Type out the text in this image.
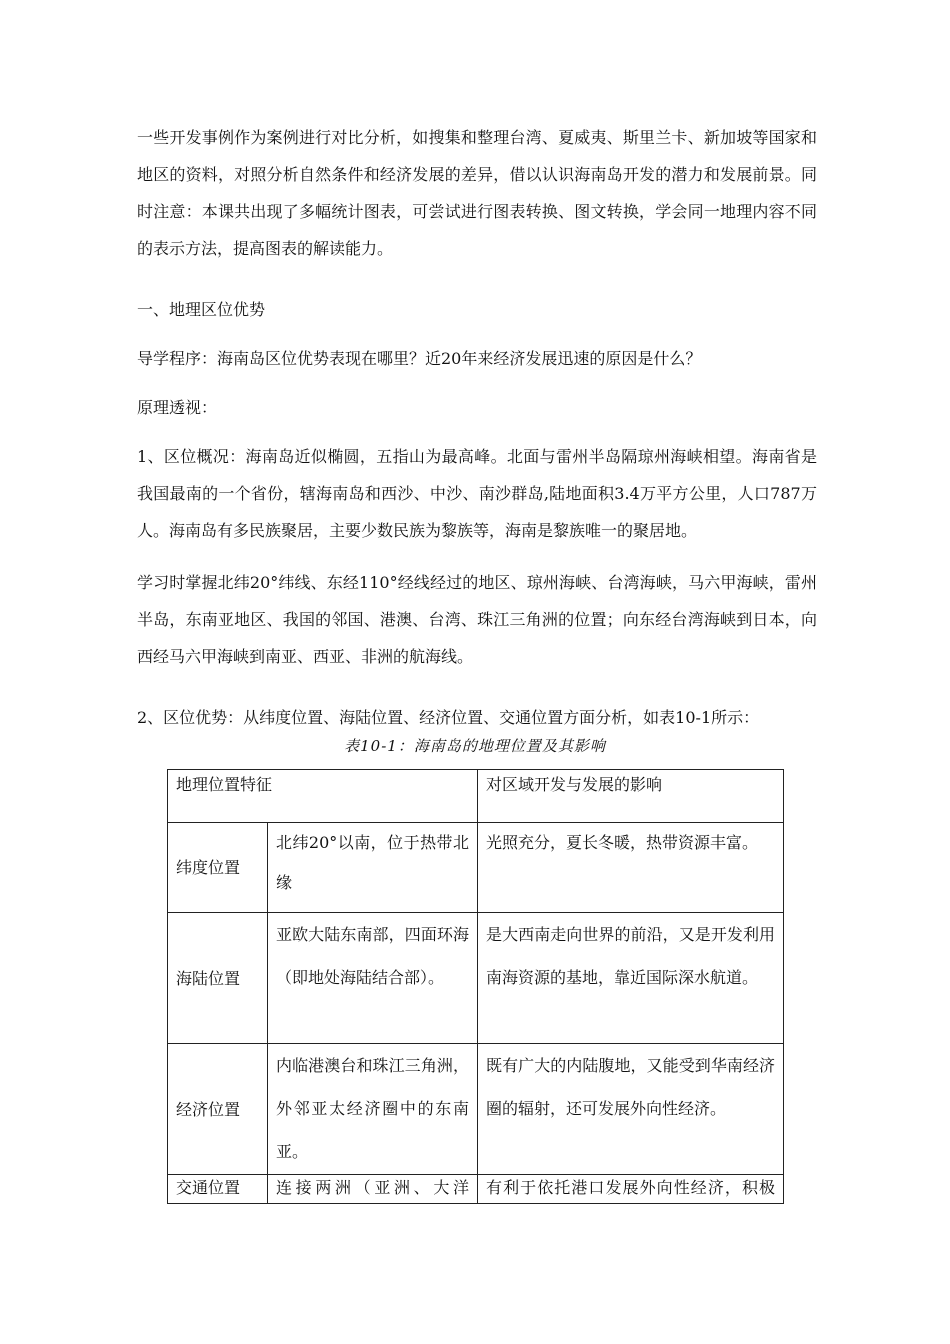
一些开发事例作为案例进行对比分析，如搜集和整理台湾、夏威夷、斯里兰卡、新加坡等国家和地区的资料，对照分析自然条件和经济发展的差异，借以认识海南岛开发的潜力和发展前景。同时注意：本课共出现了多幅统计图表，可尝试进行图表转换、图文转换，学会同一地理内容不同的表示方法，提高图表的解读能力。

一、地理区位优势

导学程序：海南岛区位优势表现在哪里？近20年来经济发展迅速的原因是什么？

原理透视：

1、区位概况：海南岛近似椭圆，五指山为最高峰。北面与雷州半岛隔琼州海峡相望。海南省是我国最南的一个省份，辖海南岛和西沙、中沙、南沙群岛,陆地面积3.4万平方公里，人口787万人。海南岛有多民族聚居，主要少数民族为黎族等，海南是黎族唯一的聚居地。

学习时掌握北纬20°纬线、东经110°经线经过的地区、琼州海峡、台湾海峡，马六甲海峡，雷州半岛，东南亚地区、我国的邻国、港澳、台湾、珠江三角洲的位置；向东经台湾海峡到日本，向西经马六甲海峡到南亚、西亚、非洲的航海线。

2、区位优势：从纬度位置、海陆位置、经济位置、交通位置方面分析，如表10-1所示：

表10-1：海南岛的地理位置及其影响
地理位置特征		对区域开发与发展的影响

纬度位置	北纬20°以南，位于热带北缘	光照充分，夏长冬暖，热带资源丰富。

海陆位置	亚欧大陆东南部，四面环海（即地处海陆结合部）。	是大西南走向世界的前沿，又是开发利用南海资源的基地，靠近国际深水航道。

经济位置	内临港澳台和珠江三角洲，外邻亚太经济圈中的东南亚。	既有广大的内陆腹地，又能受到华南经济圈的辐射，还可发展外向性经济。

交通位置	连接两洲（亚洲、大洋	有利于依托港口发展外向性经济，积极
